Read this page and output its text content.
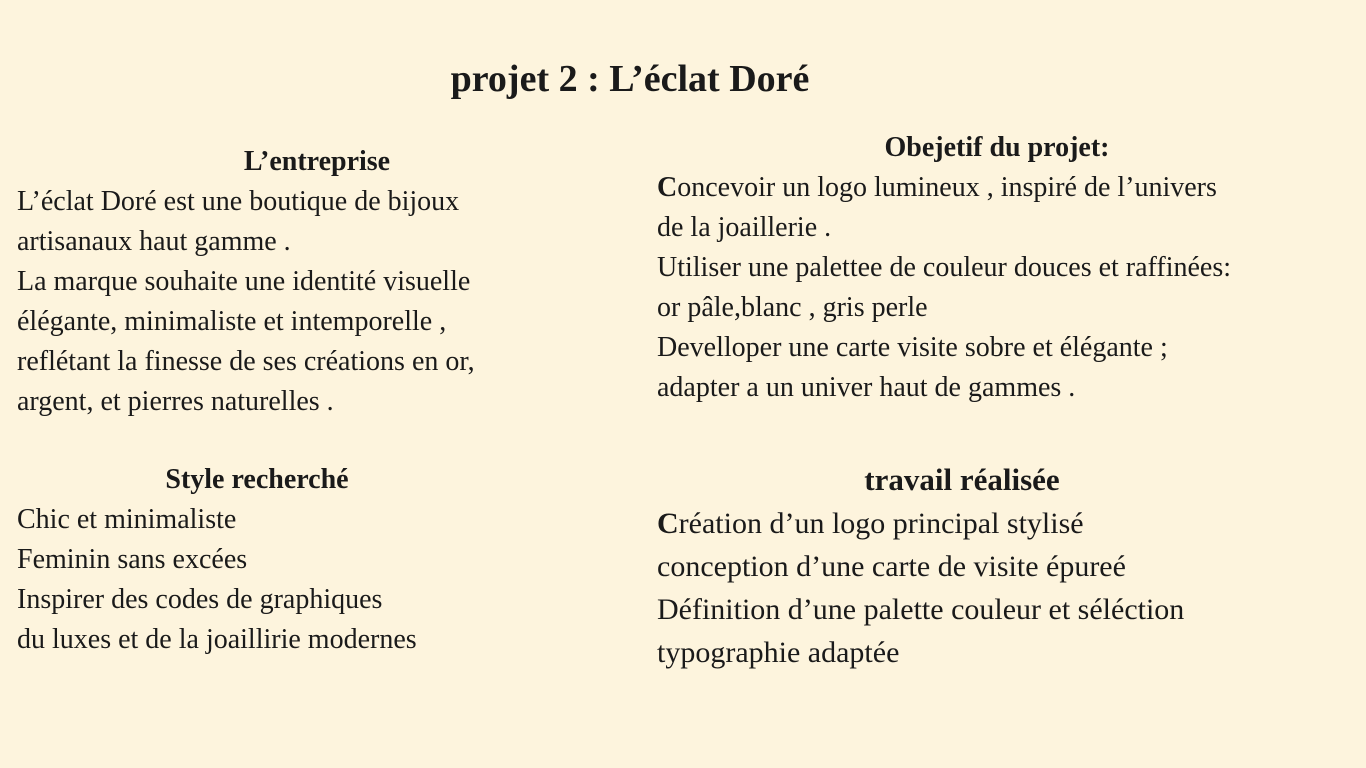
projet 2 : L’éclat Doré
L’entreprise
L’éclat Doré est une boutique de bijoux
artisanaux haut gamme .
La marque souhaite une identité visuelle
élégante, minimaliste et intemporelle ,
reflétant la finesse de ses créations en or,
argent, et pierres naturelles .
Style recherché
Chic et minimaliste
Feminin sans excées
Inspirer des codes de graphiques
du luxes et de la joaillirie modernes
Obejetif du projet:
Concevoir un logo lumineux , inspiré de l’univers
de la joaillerie .
Utiliser une palettee de couleur douces et raffinées:
or pâle,blanc , gris perle
Develloper une carte visite sobre et élégante ;
adapter a un univer haut de gammes .
travail réalisée
Création d’un logo principal stylisé
conception d’une carte de visite épureé
Définition d’une palette couleur et séléction
typographie adaptée
